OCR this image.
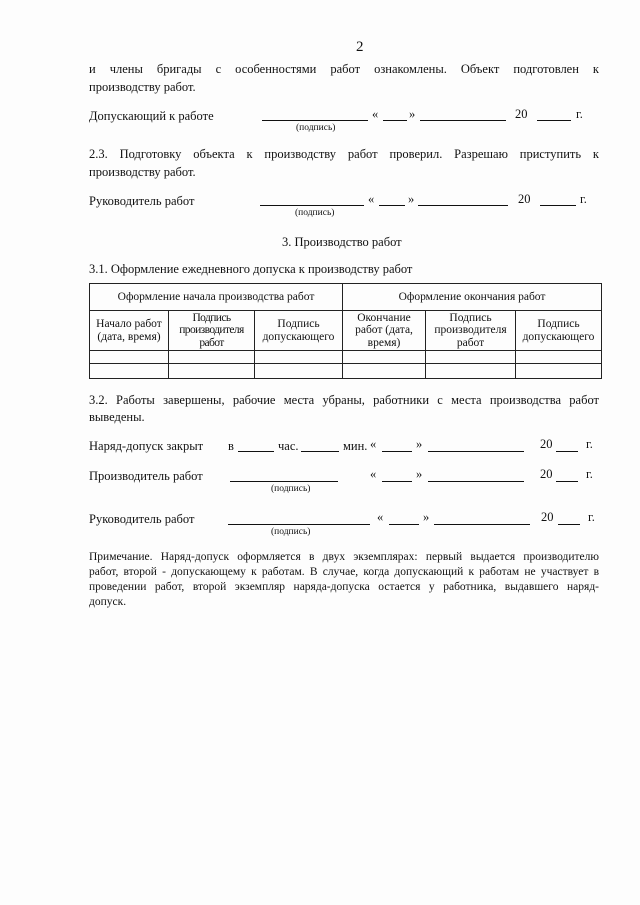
2
и члены бригады с особенностями работ ознакомлены. Объект подготовлен к
производству работ.
Допускающий к работе	« »	20	г.
(подпись)
2.3. Подготовку объекта к производству работ проверил. Разрешаю приступить к
производству работ.
Руководитель работ	«	»	20	г.
(подпись)
3. Производство работ
3.1. Оформление ежедневного допуска к производству работ
Оформление начала производства работ			Оформление окончания работ		
Начало работ (дата, время)	Подпись производителя работ	Подпись допускающего	Окончание работ (дата, время)	Подпись производителя работ	Подпись допускающего

3.2. Работы завершены, рабочие места убраны, работники с места производства работ
выведены.
Наряд-допуск закрыт в	час.	мин. «	»	20	г.
Производитель работ	«	»	20	г.
(подпись)
Руководитель работ	«	»	20	г.
(подпись)
Примечание. Наряд-допуск оформляется в двух экземплярах: первый выдается производителю
работ, второй - допускающему к работам. В случае, когда допускающий к работам не участвует в
проведении работ, второй экземпляр наряда-допуска остается у работника, выдавшего наряд-
допуск.
